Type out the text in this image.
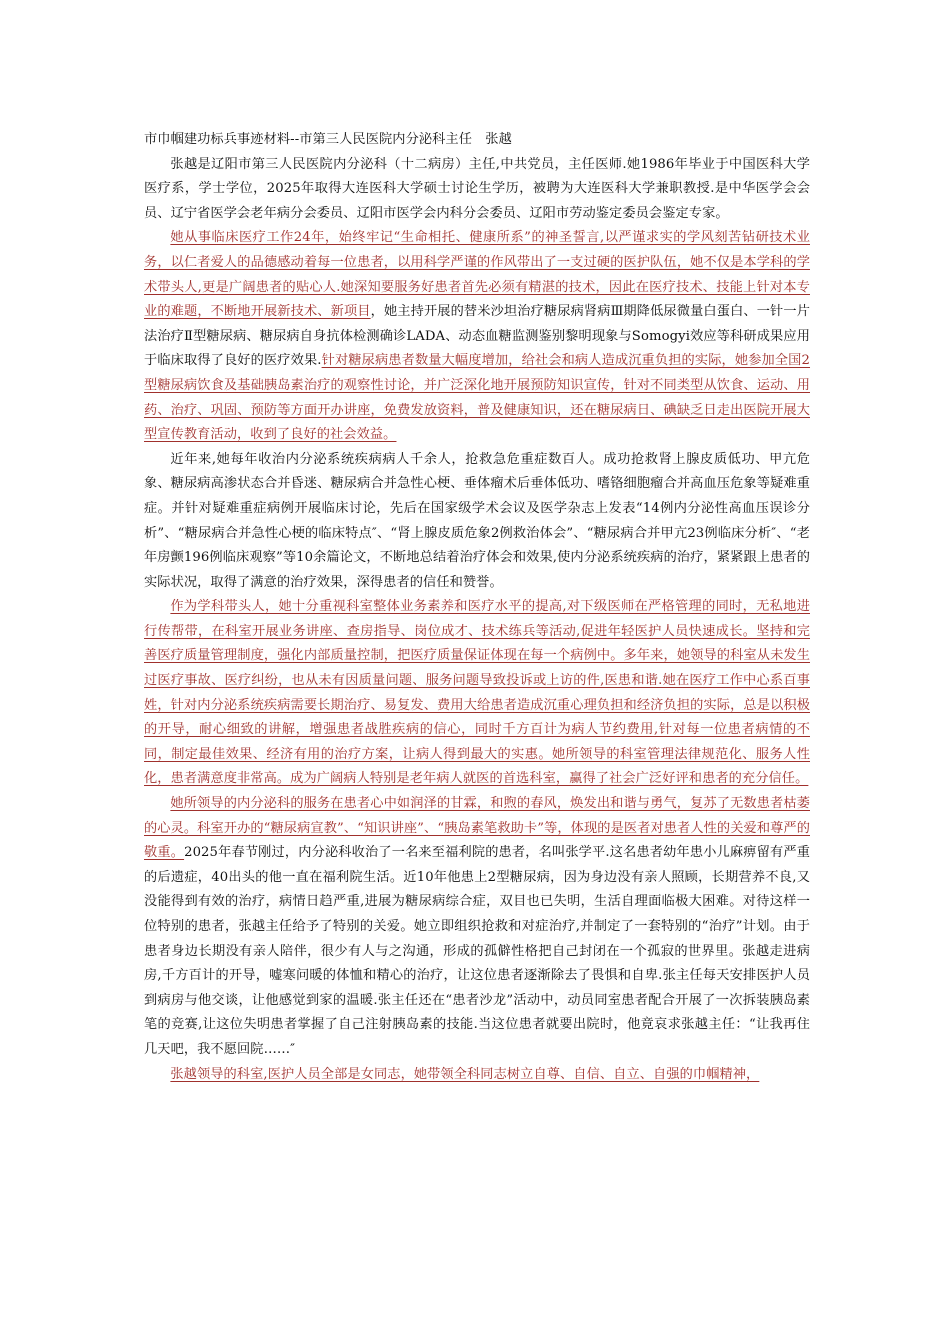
市巾帼建功标兵事迹材料--市第三人民医院内分泌科主任　张越

张越是辽阳市第三人民医院内分泌科（十二病房）主任,中共党员，主任医师.她1986年毕业于中国医科大学医疗系，学士学位，2025年取得大连医科大学硕士讨论生学历，被聘为大连医科大学兼职教授.是中华医学会会员、辽宁省医学会老年病分会委员、辽阳市医学会内科分会委员、辽阳市劳动鉴定委员会鉴定专家。

她从事临床医疗工作24年，始终牢记“生命相托、健康所系”的神圣誓言,以严谨求实的学风刻苦钻研技术业务，以仁者爱人的品德感动着每一位患者，以用科学严谨的作风带出了一支过硬的医护队伍，她不仅是本学科的学术带头人,更是广阔患者的贴心人.她深知要服务好患者首先必须有精湛的技术，因此在医疗技术、技能上针对本专业的难题，不断地开展新技术、新项目，她主持开展的替米沙坦治疗糖尿病肾病Ⅲ期降低尿微量白蛋白、一针一片法治疗Ⅱ型糖尿病、糖尿病自身抗体检测确诊LADA、动态血糖监测鉴别黎明现象与Somogyi效应等科研成果应用于临床取得了良好的医疗效果.针对糖尿病患者数量大幅度增加，给社会和病人造成沉重负担的实际，她参加全国2型糖尿病饮食及基础胰岛素治疗的观察性讨论，并广泛深化地开展预防知识宣传，针对不同类型从饮食、运动、用药、治疗、巩固、预防等方面开办讲座，免费发放资料，普及健康知识，还在糖尿病日、碘缺乏日走出医院开展大型宣传教育活动，收到了良好的社会效益。

近年来,她每年收治内分泌系统疾病病人千余人，抢救急危重症数百人。成功抢救肾上腺皮质低功、甲亢危象、糖尿病高渗状态合并昏迷、糖尿病合并急性心梗、垂体瘤术后垂体低功、嗜铬细胞瘤合并高血压危象等疑难重症。并针对疑难重症病例开展临床讨论，先后在国家级学术会议及医学杂志上发表“14例内分泌性高血压误诊分析”、“糖尿病合并急性心梗的临床特点″、“肾上腺皮质危象2例救治体会”、“糖尿病合并甲亢23例临床分析″、“老年房颤196例临床观察”等10余篇论文，不断地总结着治疗体会和效果,使内分泌系统疾病的治疗，紧紧跟上患者的实际状况，取得了满意的治疗效果，深得患者的信任和赞誉。

作为学科带头人，她十分重视科室整体业务素养和医疗水平的提高,对下级医师在严格管理的同时，无私地进行传帮带，在科室开展业务讲座、查房指导、岗位成才、技术练兵等活动,促进年轻医护人员快速成长。坚持和完善医疗质量管理制度，强化内部质量控制，把医疗质量保证体现在每一个病例中。多年来，她领导的科室从未发生过医疗事故、医疗纠纷，也从未有因质量问题、服务问题导致投诉或上访的件,医患和谐.她在医疗工作中心系百事姓，针对内分泌系统疾病需要长期治疗、易复发、费用大给患者造成沉重心理负担和经济负担的实际，总是以积极的开导，耐心细致的讲解，增强患者战胜疾病的信心，同时千方百计为病人节约费用,针对每一位患者病情的不同，制定最佳效果、经济有用的治疗方案，让病人得到最大的实惠。她所领导的科室管理法律规范化、服务人性化，患者满意度非常高。成为广阔病人特别是老年病人就医的首选科室，赢得了社会广泛好评和患者的充分信任。

她所领导的内分泌科的服务在患者心中如润泽的甘霖，和煦的春风，焕发出和谐与勇气，复苏了无数患者枯萎的心灵。科室开办的“糖尿病宣教”、“知识讲座”、“胰岛素笔救助卡”等，体现的是医者对患者人性的关爱和尊严的敬重。2025年春节刚过，内分泌科收治了一名来至福利院的患者，名叫张学平.这名患者幼年患小儿麻痹留有严重的后遗症，40出头的他一直在福利院生活。近10年他患上2型糖尿病，因为身边没有亲人照顾，长期营养不良,又没能得到有效的治疗，病情日趋严重,进展为糖尿病综合症，双目也已失明，生活自理面临极大困难。对待这样一位特别的患者，张越主任给予了特别的关爱。她立即组织抢救和对症治疗,并制定了一套特别的“治疗”计划。由于患者身边长期没有亲人陪伴，很少有人与之沟通，形成的孤僻性格把自己封闭在一个孤寂的世界里。张越走进病房,千方百计的开导，嘘寒问暖的体恤和精心的治疗，让这位患者逐渐除去了畏惧和自卑.张主任每天安排医护人员到病房与他交谈，让他感觉到家的温暖.张主任还在“患者沙龙”活动中，动员同室患者配合开展了一次拆装胰岛素笔的竞赛,让这位失明患者掌握了自己注射胰岛素的技能.当这位患者就要出院时，他竟哀求张越主任：“让我再住几天吧，我不愿回院……″

张越领导的科室,医护人员全部是女同志，她带领全科同志树立自尊、自信、自立、自强的巾帼精神，
